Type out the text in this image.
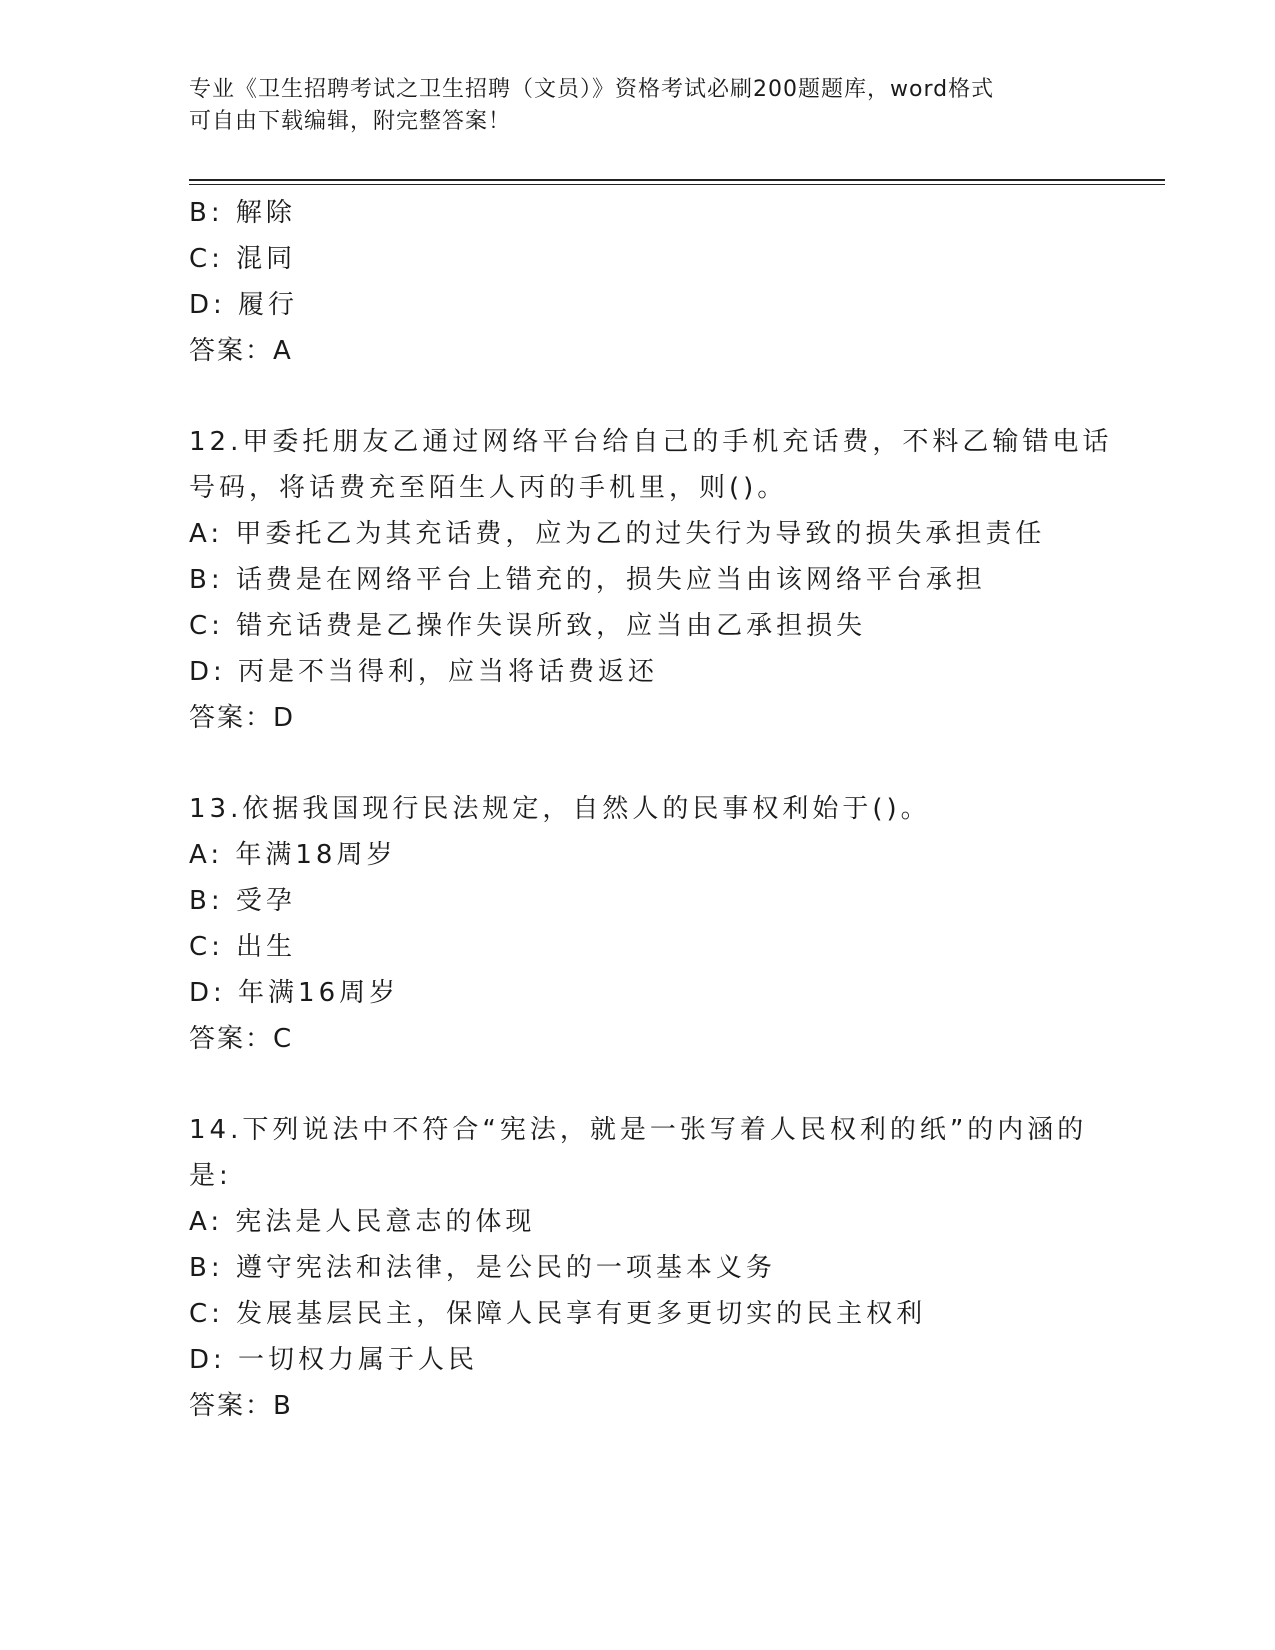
专业《卫生招聘考试之卫生招聘（文员）》资格考试必刷200题题库，word格式
可自由下载编辑，附完整答案！
B: 解除
C: 混同
D: 履行
答案：A
12.甲委托朋友乙通过网络平台给自己的手机充话费，不料乙输错电话
号码，将话费充至陌生人丙的手机里，则()。
A: 甲委托乙为其充话费，应为乙的过失行为导致的损失承担责任
B: 话费是在网络平台上错充的，损失应当由该网络平台承担
C: 错充话费是乙操作失误所致，应当由乙承担损失
D: 丙是不当得利，应当将话费返还
答案：D
13.依据我国现行民法规定，自然人的民事权利始于()。
A: 年满18周岁
B: 受孕
C: 出生
D: 年满16周岁
答案：C
14.下列说法中不符合“宪法，就是一张写着人民权利的纸”的内涵的
是:
A: 宪法是人民意志的体现
B: 遵守宪法和法律，是公民的一项基本义务
C: 发展基层民主，保障人民享有更多更切实的民主权利
D: 一切权力属于人民
答案：B
